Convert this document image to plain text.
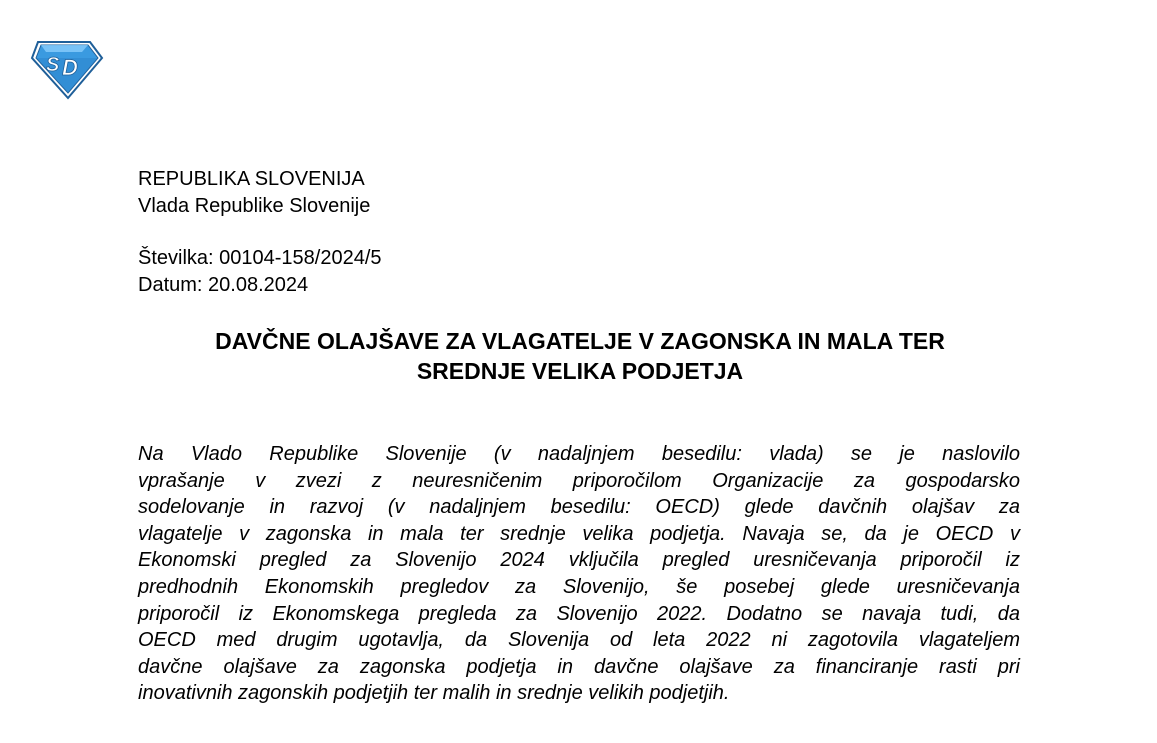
S D
REPUBLIKA SLOVENIJA
Vlada Republike Slovenije
Številka: 00104-158/2024/5
Datum: 20.08.2024
DAVČNE OLAJŠAVE ZA VLAGATELJE V ZAGONSKA IN MALA TER
SREDNJE VELIKA PODJETJA
Na Vlado Republike Slovenije (v nadaljnjem besedilu: vlada) se je naslovilo
vprašanje v zvezi z neuresničenim priporočilom Organizacije za gospodarsko
sodelovanje in razvoj (v nadaljnjem besedilu: OECD) glede davčnih olajšav za
vlagatelje v zagonska in mala ter srednje velika podjetja. Navaja se, da je OECD v
Ekonomski pregled za Slovenijo 2024 vključila pregled uresničevanja priporočil iz
predhodnih Ekonomskih pregledov za Slovenijo, še posebej glede uresničevanja
priporočil iz Ekonomskega pregleda za Slovenijo 2022. Dodatno se navaja tudi, da
OECD med drugim ugotavlja, da Slovenija od leta 2022 ni zagotovila vlagateljem
davčne olajšave za zagonska podjetja in davčne olajšave za financiranje rasti pri
inovativnih zagonskih podjetjih ter malih in srednje velikih podjetjih.
